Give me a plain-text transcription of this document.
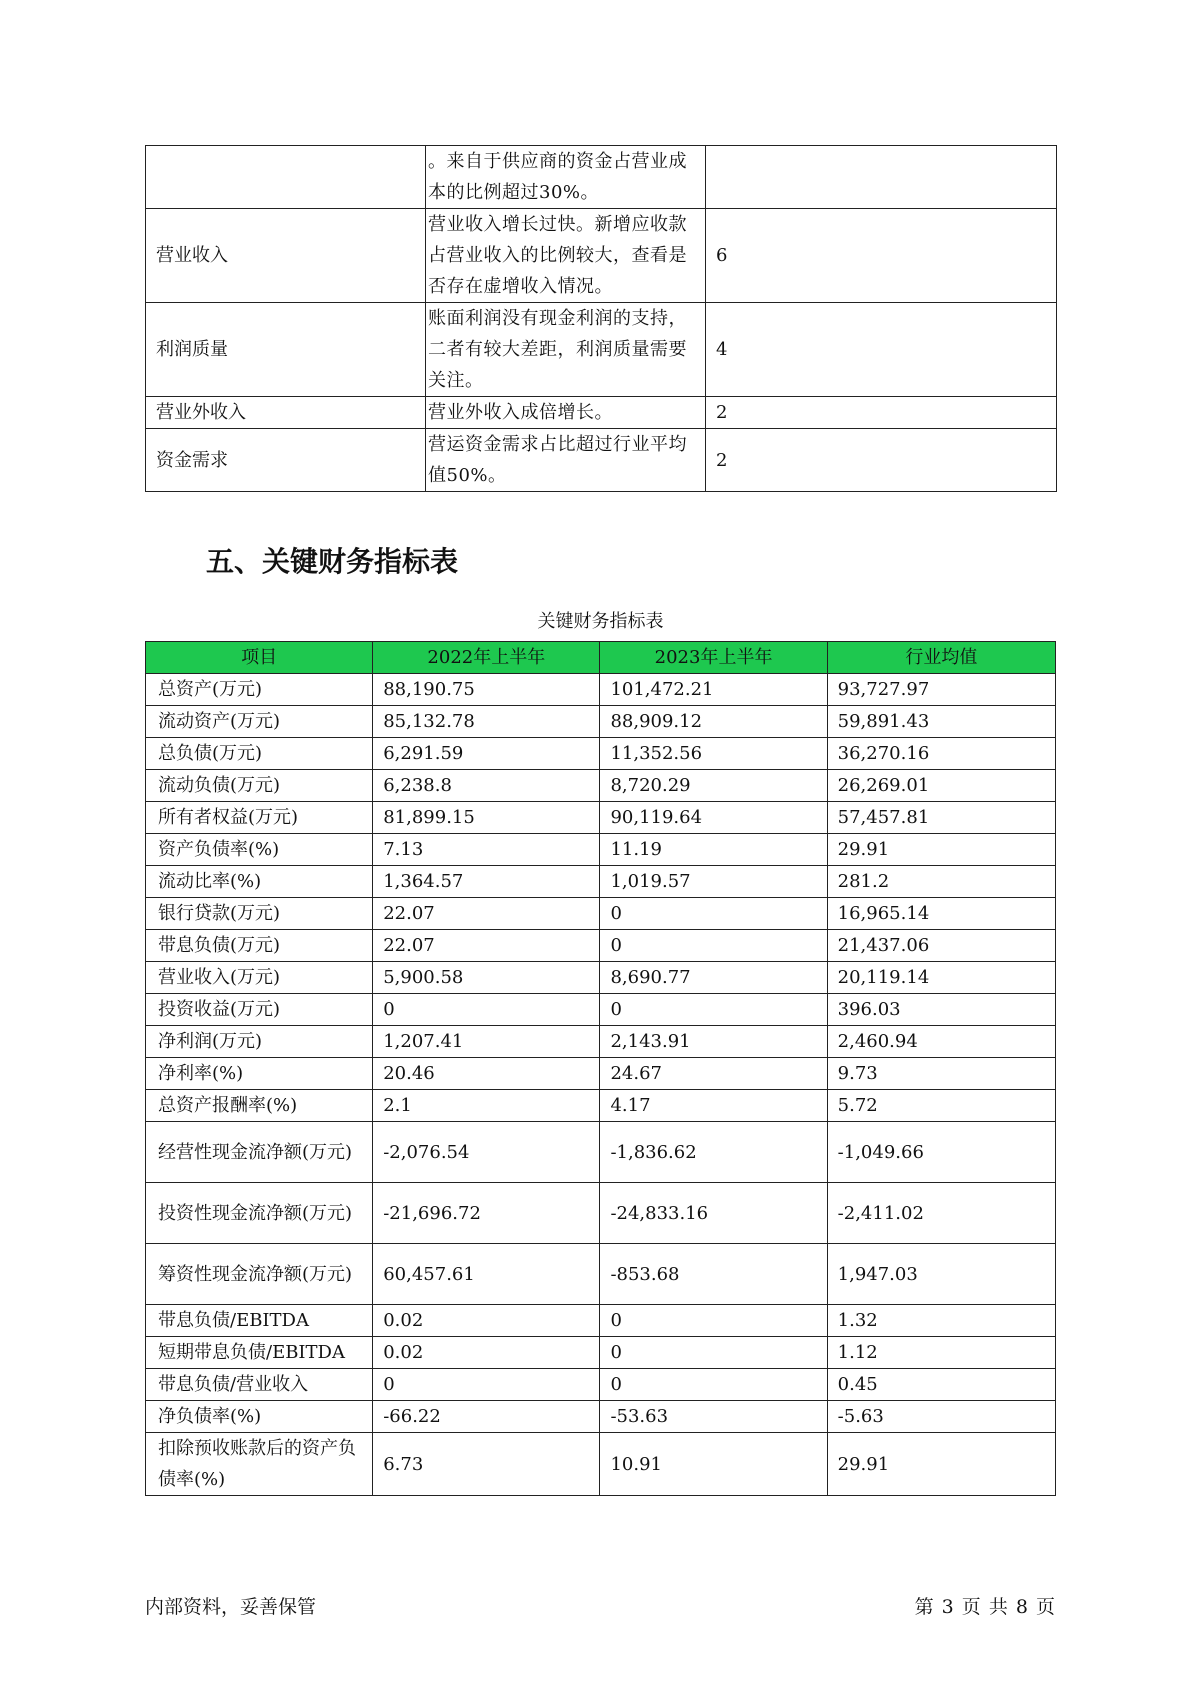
	。来自于供应商的资金占营业成本的比例超过30%。	
营业收入	营业收入增长过快。新增应收款占营业收入的比例较大，查看是否存在虚增收入情况。	6
利润质量	账面利润没有现金利润的支持，二者有较大差距，利润质量需要关注。	4
营业外收入	营业外收入成倍增长。	2
资金需求	营运资金需求占比超过行业平均值50%。	2
五、关键财务指标表
关键财务指标表
项目	2022年上半年	2023年上半年	行业均值
总资产(万元)	88,190.75	101,472.21	93,727.97
流动资产(万元)	85,132.78	88,909.12	59,891.43
总负债(万元)	6,291.59	11,352.56	36,270.16
流动负债(万元)	6,238.8	8,720.29	26,269.01
所有者权益(万元)	81,899.15	90,119.64	57,457.81
资产负债率(%)	7.13	11.19	29.91
流动比率(%)	1,364.57	1,019.57	281.2
银行贷款(万元)	22.07	0	16,965.14
带息负债(万元)	22.07	0	21,437.06
营业收入(万元)	5,900.58	8,690.77	20,119.14
投资收益(万元)	0	0	396.03
净利润(万元)	1,207.41	2,143.91	2,460.94
净利率(%)	20.46	24.67	9.73
总资产报酬率(%)	2.1	4.17	5.72
经营性现金流净额(万元)	-2,076.54	-1,836.62	-1,049.66
投资性现金流净额(万元)	-21,696.72	-24,833.16	-2,411.02
筹资性现金流净额(万元)	60,457.61	-853.68	1,947.03
带息负债/EBITDA	0.02	0	1.32
短期带息负债/EBITDA	0.02	0	1.12
带息负债/营业收入	0	0	0.45
净负债率(%)	-66.22	-53.63	-5.63
扣除预收账款后的资产负债率(%)	6.73	10.91	29.91
内部资料，妥善保管	第 3 页 共 8 页
